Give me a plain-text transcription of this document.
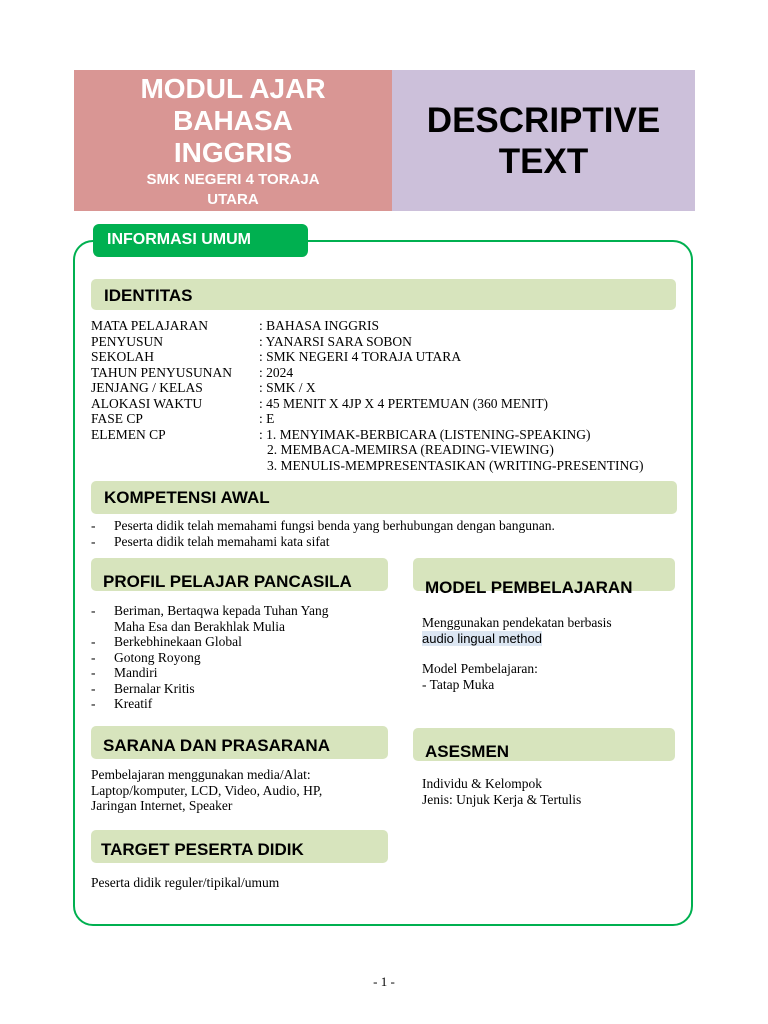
MODUL AJAR
BAHASA
INGGRIS
SMK NEGERI 4 TORAJA
UTARA
DESCRIPTIVE
TEXT
INFORMASI UMUM
IDENTITAS
MATA PELAJARAN	: BAHASA INGGRIS
PENYUSUN	: YANARSI SARA SOBON
SEKOLAH	: SMK NEGERI 4 TORAJA UTARA
TAHUN PENYUSUNAN	: 2024
JENJANG / KELAS	: SMK / X
ALOKASI WAKTU	: 45 MENIT X 4JP X 4 PERTEMUAN (360 MENIT)
FASE CP	: E
ELEMEN CP	: 1. MENYIMAK-BERBICARA (LISTENING-SPEAKING)
2. MEMBACA-MEMIRSA (READING-VIEWING)
3. MENULIS-MEMPRESENTASIKAN (WRITING-PRESENTING)
KOMPETENSI AWAL
-	Peserta didik telah memahami fungsi benda yang berhubungan dengan bangunan.
-	Peserta didik telah memahami kata sifat
PROFIL PELAJAR PANCASILA
-	Beriman, Bertaqwa kepada Tuhan Yang
Maha Esa dan Berakhlak Mulia
-	Berkebhinekaan Global
-	Gotong Royong
-	Mandiri
-	Bernalar Kritis
-	Kreatif
MODEL PEMBELAJARAN
Menggunakan pendekatan berbasis
audio lingual method
Model Pembelajaran:
- Tatap Muka
SARANA DAN PRASARANA
Pembelajaran menggunakan media/Alat:
Laptop/komputer, LCD, Video, Audio, HP,
Jaringan Internet, Speaker
ASESMEN
Individu & Kelompok
Jenis: Unjuk Kerja & Tertulis
TARGET PESERTA DIDIK
Peserta didik reguler/tipikal/umum
- 1 -
